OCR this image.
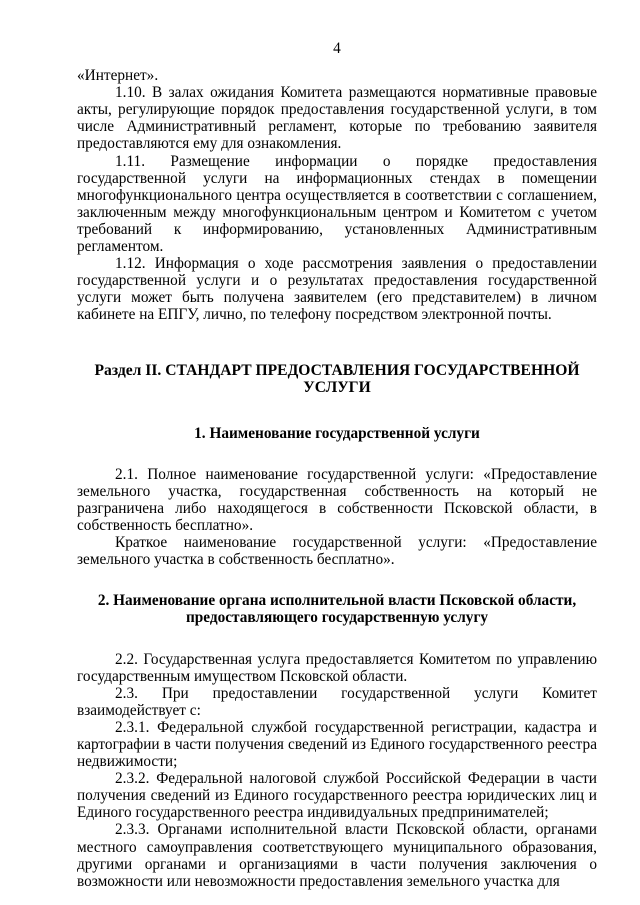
4

«Интернет».

1.10. В залах ожидания Комитета размещаются нормативные правовые акты, регулирующие порядок предоставления государственной услуги, в том числе Административный регламент, которые по требованию заявителя предоставляются ему для ознакомления.

1.11. Размещение информации о порядке предоставления государственной услуги на информационных стендах в помещении многофункционального центра осуществляется в соответствии с соглашением, заключенным между многофункциональным центром и Комитетом с учетом требований к информированию, установленных Административным регламентом.

1.12. Информация о ходе рассмотрения заявления о предоставлении государственной услуги и о результатах предоставления государственной услуги может быть получена заявителем (его представителем) в личном кабинете на ЕПГУ, лично, по телефону посредством электронной почты.

Раздел II. СТАНДАРТ ПРЕДОСТАВЛЕНИЯ ГОСУДАРСТВЕННОЙ
УСЛУГИ
1. Наименование государственной услуги

2.1. Полное наименование государственной услуги: «Предоставление земельного участка, государственная собственность на который не разграничена либо находящегося в собственности Псковской области, в собственность бесплатно».

Краткое наименование государственной услуги: «Предоставление земельного участка в собственность бесплатно».

2. Наименование органа исполнительной власти Псковской области,
предоставляющего государственную услугу

2.2. Государственная услуга предоставляется Комитетом по управлению государственным имуществом Псковской области.

2.3. При предоставлении государственной услуги Комитет взаимодействует с:

2.3.1. Федеральной службой государственной регистрации, кадастра и картографии в части получения сведений из Единого государственного реестра недвижимости;

2.3.2. Федеральной налоговой службой Российской Федерации в части получения сведений из Единого государственного реестра юридических лиц и Единого государственного реестра индивидуальных предпринимателей;

2.3.3. Органами исполнительной власти Псковской области, органами местного самоуправления соответствующего муниципального образования, другими органами и организациями в части получения заключения о возможности или невозможности предоставления земельного участка для
